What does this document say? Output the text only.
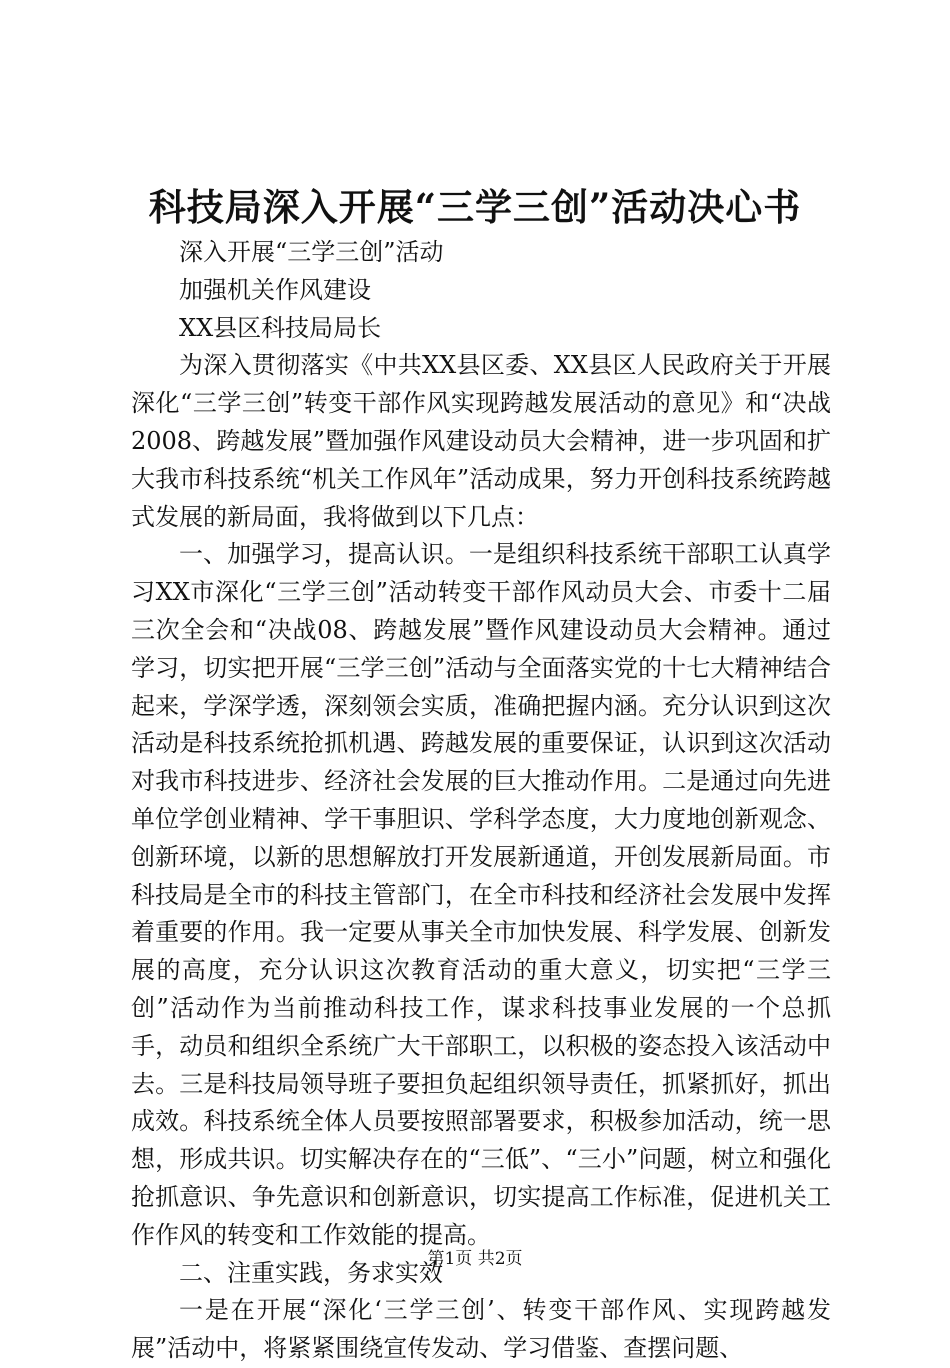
科技局深入开展“三学三创”活动决心书
深入开展“三学三创”活动
加强机关作风建设
XX县区科技局局长

为深入贯彻落实《中共XX县区委、XX县区人民政府关于开展深化“三学三创”转变干部作风实现跨越发展活动的意见》和“决战2008、跨越发展”暨加强作风建设动员大会精神，进一步巩固和扩大我市科技系统“机关工作风年”活动成果，努力开创科技系统跨越式发展的新局面，我将做到以下几点：

一、加强学习，提高认识。一是组织科技系统干部职工认真学习XX市深化“三学三创”活动转变干部作风动员大会、市委十二届三次全会和“决战08、跨越发展”暨作风建设动员大会精神。通过学习，切实把开展“三学三创”活动与全面落实党的十七大精神结合起来，学深学透，深刻领会实质，准确把握内涵。充分认识到这次活动是科技系统抢抓机遇、跨越发展的重要保证，认识到这次活动对我市科技进步、经济社会发展的巨大推动作用。二是通过向先进单位学创业精神、学干事胆识、学科学态度，大力度地创新观念、创新环境，以新的思想解放打开发展新通道，开创发展新局面。市科技局是全市的科技主管部门，在全市科技和经济社会发展中发挥着重要的作用。我一定要从事关全市加快发展、科学发展、创新发展的高度，充分认识这次教育活动的重大意义，切实把“三学三创”活动作为当前推动科技工作，谋求科技事业发展的一个总抓手，动员和组织全系统广大干部职工，以积极的姿态投入该活动中去。三是科技局领导班子要担负起组织领导责任，抓紧抓好，抓出成效。科技系统全体人员要按照部署要求，积极参加活动，统一思想，形成共识。切实解决存在的“三低”、“三小”问题，树立和强化抢抓意识、争先意识和创新意识，切实提高工作标准，促进机关工作作风的转变和工作效能的提高。

二、注重实践，务求实效

一是在开展“深化‘三学三创’、转变干部作风、实现跨越发展”活动中，将紧紧围绕宣传发动、学习借鉴、查摆问题、

第1页 共2页
